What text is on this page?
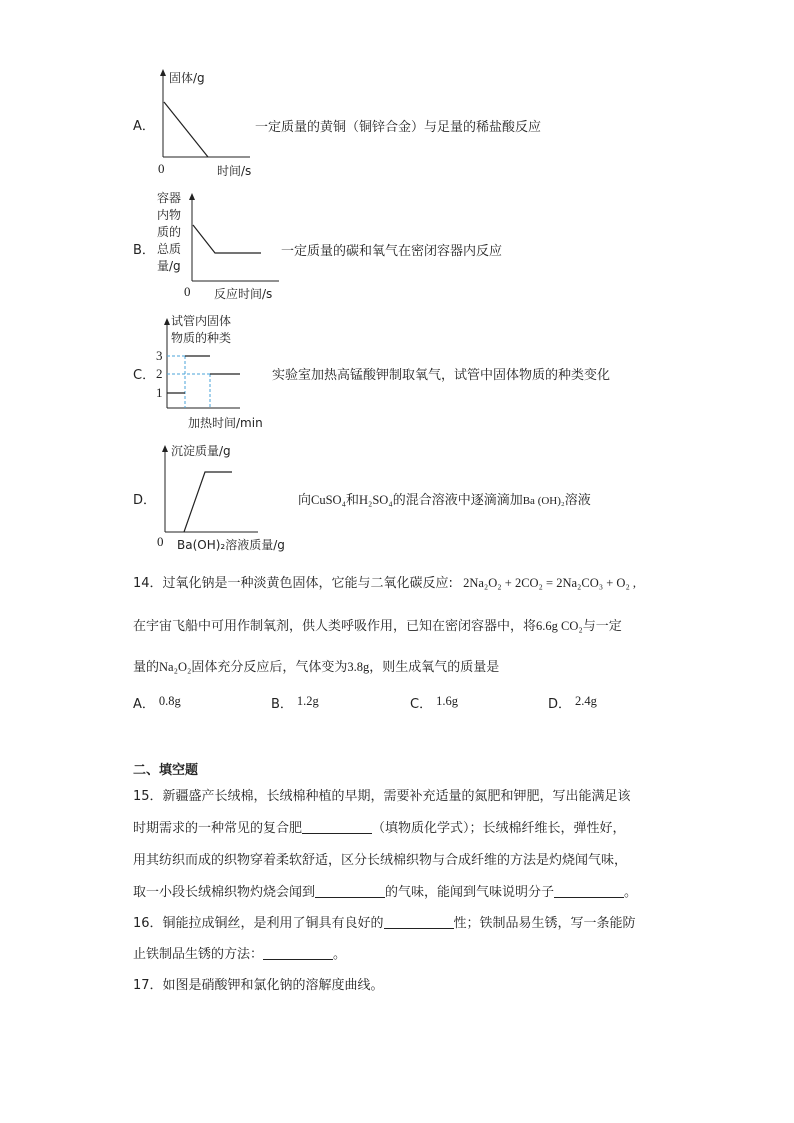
A．
固体/g
0	时间/s
一定质量的黄铜（铜锌合金）与足量的稀盐酸反应
B．
容器
内物
质的
总质
量/g
0 反应时间/s
一定质量的碳和氧气在密闭容器内反应
C．
试管内固体
物质的种类
3
2
1
加热时间/min
实验室加热高锰酸钾制取氧气，试管中固体物质的种类变化
D．
沉淀质量/g
0 Ba(OH)₂溶液质量/g
向CuSO₄和H₂SO₄的混合溶液中逐滴滴加Ba (OH)₂溶液
14．过氧化钠是一种淡黄色固体，它能与二氧化碳反应: 2Na₂O₂ + 2CO₂ = 2Na₂CO₃ + O₂ ,
在宇宙飞船中可用作制氧剂，供人类呼吸作用，已知在密闭容器中，将6.6g CO₂与一定
量的Na₂O₂固体充分反应后，气体变为3.8g，则生成氧气的质量是
A． 0.8g	B． 1.2g	C． 1.6g	D． 2.4g
二、填空题
15．新疆盛产长绒棉，长绒棉种植的早期，需要补充适量的氮肥和钾肥，写出能满足该
时期需求的一种常见的复合肥	（填物质化学式）；长绒棉纤维长，弹性好，
用其纺织而成的织物穿着柔软舒适，区分长绒棉织物与合成纤维的方法是灼烧闻气味，
取一小段长绒棉织物灼烧会闻到	的气味，能闻到气味说明分子	。
16．铜能拉成铜丝，是利用了铜具有良好的	性；铁制品易生锈，写一条能防
止铁制品生锈的方法：	。
17．如图是硝酸钾和氯化钠的溶解度曲线。
